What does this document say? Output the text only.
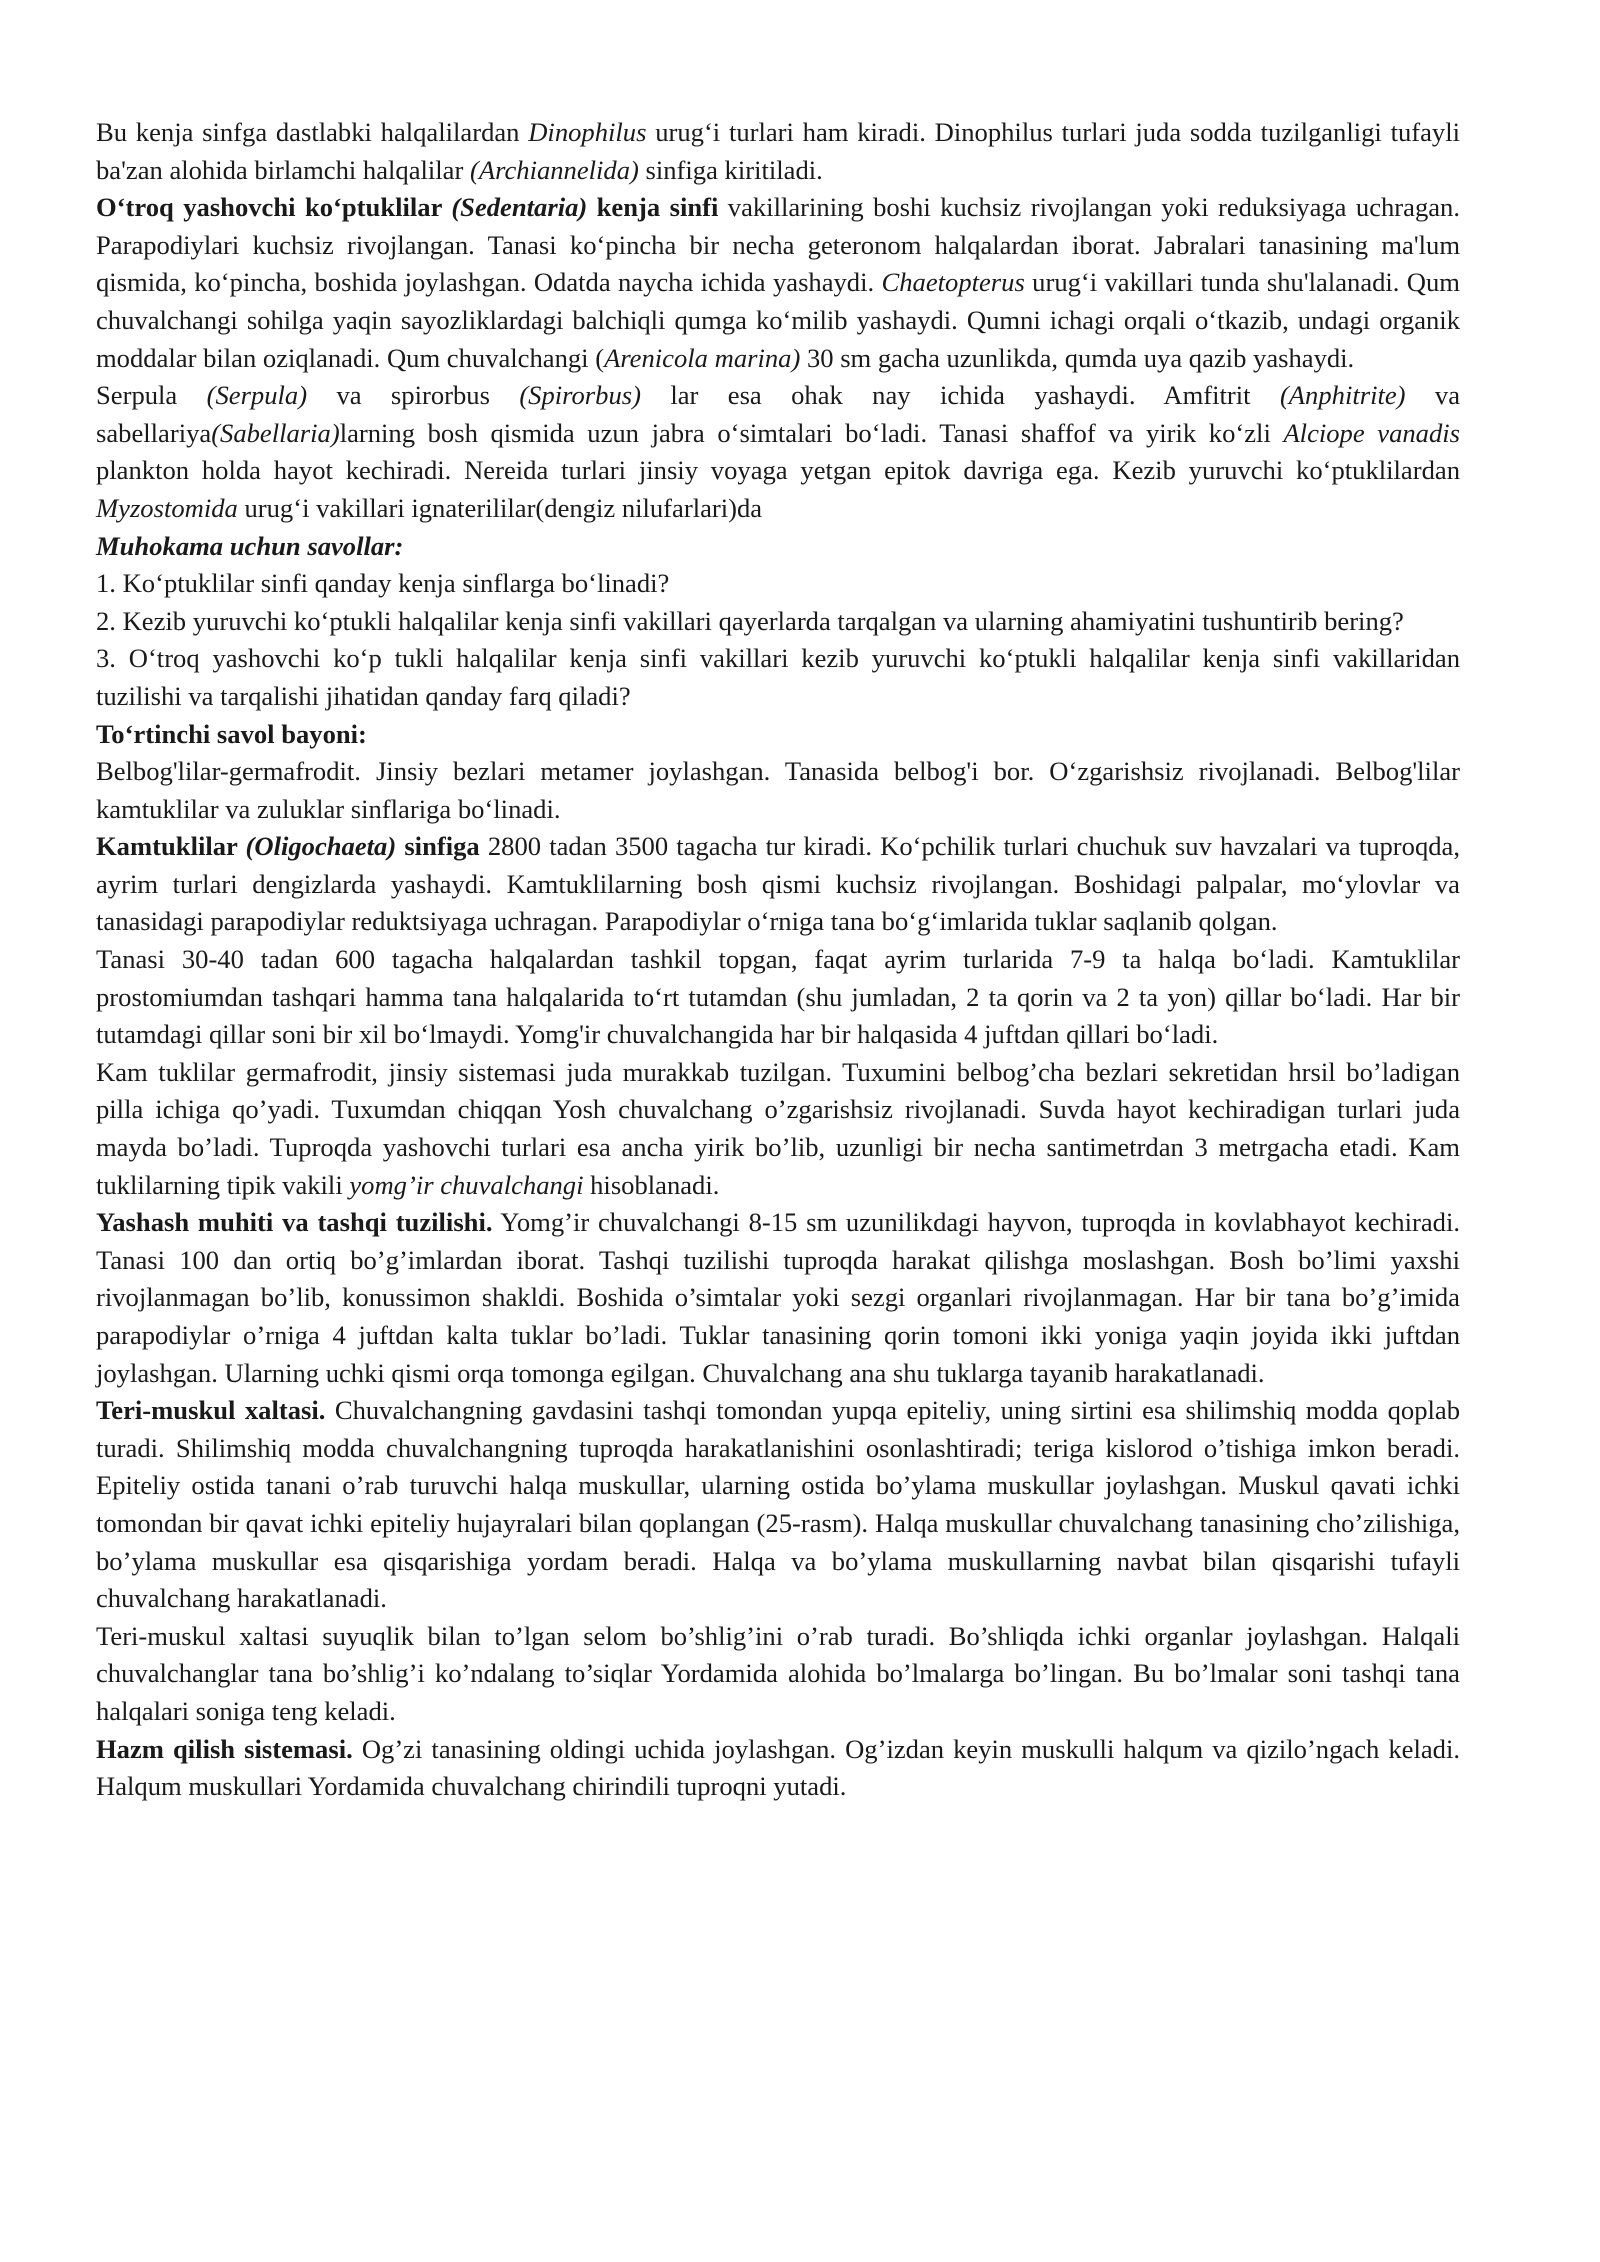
Bu kenja sinfga dastlabki halqalilardan Dinophilus urug‘i turlari ham kiradi. Dinophilus turlari juda sodda tuzilganligi tufayli ba'zan alohida birlamchi halqalilar (Archiannelida) sinfiga kiritiladi.

O‘troq yashovchi ko‘ptuklilar (Sedentaria) kenja sinfi vakillarining boshi kuchsiz rivojlangan yoki reduksiyaga uchragan. Parapodiylari kuchsiz rivojlangan. Tanasi ko‘pincha bir necha geteronom halqalardan iborat. Jabralari tanasining ma'lum qismida, ko‘pincha, boshida joylashgan. Odatda naycha ichida yashaydi. Chaetopterus urug‘i vakillari tunda shu'lalanadi. Qum chuvalchangi sohilga yaqin sayozliklardagi balchiqli qumga ko‘milib yashaydi. Qumni ichagi orqali o‘tkazib, undagi organik moddalar bilan oziqlanadi. Qum chuvalchangi (Arenicola marina) 30 sm gacha uzunlikda, qumda uya qazib yashaydi.

Serpula (Serpula) va spirorbus (Spirorbus) lar esa ohak nay ichida yashaydi. Amfitrit (Anphitrite) va sabellariya(Sabellaria)larning bosh qismida uzun jabra o‘simtalari bo‘ladi. Tanasi shaffof va yirik ko‘zli Alciope vanadis plankton holda hayot kechiradi. Nereida turlari jinsiy voyaga yetgan epitok davriga ega. Kezib yuruvchi ko‘ptuklilardan Myzostomida urug‘i vakillari ignaterililar(dengiz nilufarlari)da

Muhokama uchun savollar:

1. Ko‘ptuklilar sinfi qanday kenja sinflarga bo‘linadi?

2. Kezib yuruvchi ko‘ptukli halqalilar kenja sinfi vakillari qayerlarda tarqalgan va ularning ahamiyatini tushuntirib bering?

3. O‘troq yashovchi ko‘p tukli halqalilar kenja sinfi vakillari kezib yuruvchi ko‘ptukli halqalilar kenja sinfi vakillaridan tuzilishi va tarqalishi jihatidan qanday farq qiladi?

To‘rtinchi savol bayoni:

Belbog'lilar-germafrodit. Jinsiy bezlari metamer joylashgan. Tanasida belbog'i bor. O‘zgarishsiz rivojlanadi. Belbog'lilar kamtuklilar va zuluklar sinflariga bo‘linadi.

Kamtuklilar (Oligochaeta) sinfiga 2800 tadan 3500 tagacha tur kiradi. Ko‘pchilik turlari chuchuk suv havzalari va tuproqda, ayrim turlari dengizlarda yashaydi. Kamtuklilarning bosh qismi kuchsiz rivojlangan. Boshidagi palpalar, mo‘ylovlar va tanasidagi parapodiylar reduktsiyaga uchragan. Parapodiylar o‘rniga tana bo‘g‘imlarida tuklar saqlanib qolgan.

Tanasi 30-40 tadan 600 tagacha halqalardan tashkil topgan, faqat ayrim turlarida 7-9 ta halqa bo‘ladi. Kamtuklilar prostomiumdan tashqari hamma tana halqalarida to‘rt tutamdan (shu jumladan, 2 ta qorin va 2 ta yon) qillar bo‘ladi. Har bir tutamdagi qillar soni bir xil bo‘lmaydi. Yomg'ir chuvalchangida har bir halqasida 4 juftdan qillari bo‘ladi.

Kam tuklilar germafrodit, jinsiy sistemasi juda murakkab tuzilgan. Tuxumini belbog’cha bezlari sekretidan hrsil bo’ladigan pilla ichiga qo’yadi. Tuxumdan chiqqan Yosh chuvalchang o’zgarishsiz rivojlanadi. Suvda hayot kechiradigan turlari juda mayda bo’ladi. Tuproqda yashovchi turlari esa ancha yirik bo’lib, uzunligi bir necha santimetrdan 3 metrgacha etadi. Kam tuklilarning tipik vakili yomg’ir chuvalchangi hisoblanadi.

Yashash muhiti va tashqi tuzilishi. Yomg’ir chuvalchangi 8-15 sm uzunilikdagi hayvon, tuproqda in kovlabhayot kechiradi. Tanasi 100 dan ortiq bo’g’imlardan iborat. Tashqi tuzilishi tuproqda harakat qilishga moslashgan. Bosh bo’limi yaxshi rivojlanmagan bo’lib, konussimon shakldi. Boshida o’simtalar yoki sezgi organlari rivojlanmagan. Har bir tana bo’g’imida parapodiylar o’rniga 4 juftdan kalta tuklar bo’ladi. Tuklar tanasining qorin tomoni ikki yoniga yaqin joyida ikki juftdan joylashgan. Ularning uchki qismi orqa tomonga egilgan. Chuvalchang ana shu tuklarga tayanib harakatlanadi.

Teri-muskul xaltasi. Chuvalchangning gavdasini tashqi tomondan yupqa epiteliy, uning sirtini esa shilimshiq modda qoplab turadi. Shilimshiq modda chuvalchangning tuproqda harakatlanishini osonlashtiradi; teriga kislorod o’tishiga imkon beradi. Epiteliy ostida tanani o’rab turuvchi halqa muskullar, ularning ostida bo’ylama muskullar joylashgan. Muskul qavati ichki tomondan bir qavat ichki epiteliy hujayralari bilan qoplangan (25-rasm). Halqa muskullar chuvalchang tanasining cho’zilishiga, bo’ylama muskullar esa qisqarishiga yordam beradi. Halqa va bo’ylama muskullarning navbat bilan qisqarishi tufayli chuvalchang harakatlanadi.

Teri-muskul xaltasi suyuqlik bilan to’lgan selom bo’shlig’ini o’rab turadi. Bo’shliqda ichki organlar joylashgan. Halqali chuvalchanglar tana bo’shlig’i ko’ndalang to’siqlar Yordamida alohida bo’lmalarga bo’lingan. Bu bo’lmalar soni tashqi tana halqalari soniga teng keladi.

Hazm qilish sistemasi. Og’zi tanasining oldingi uchida joylashgan. Og’izdan keyin muskulli halqum va qizilo’ngach keladi. Halqum muskullari Yordamida chuvalchang chirindili tuproqni yutadi.
